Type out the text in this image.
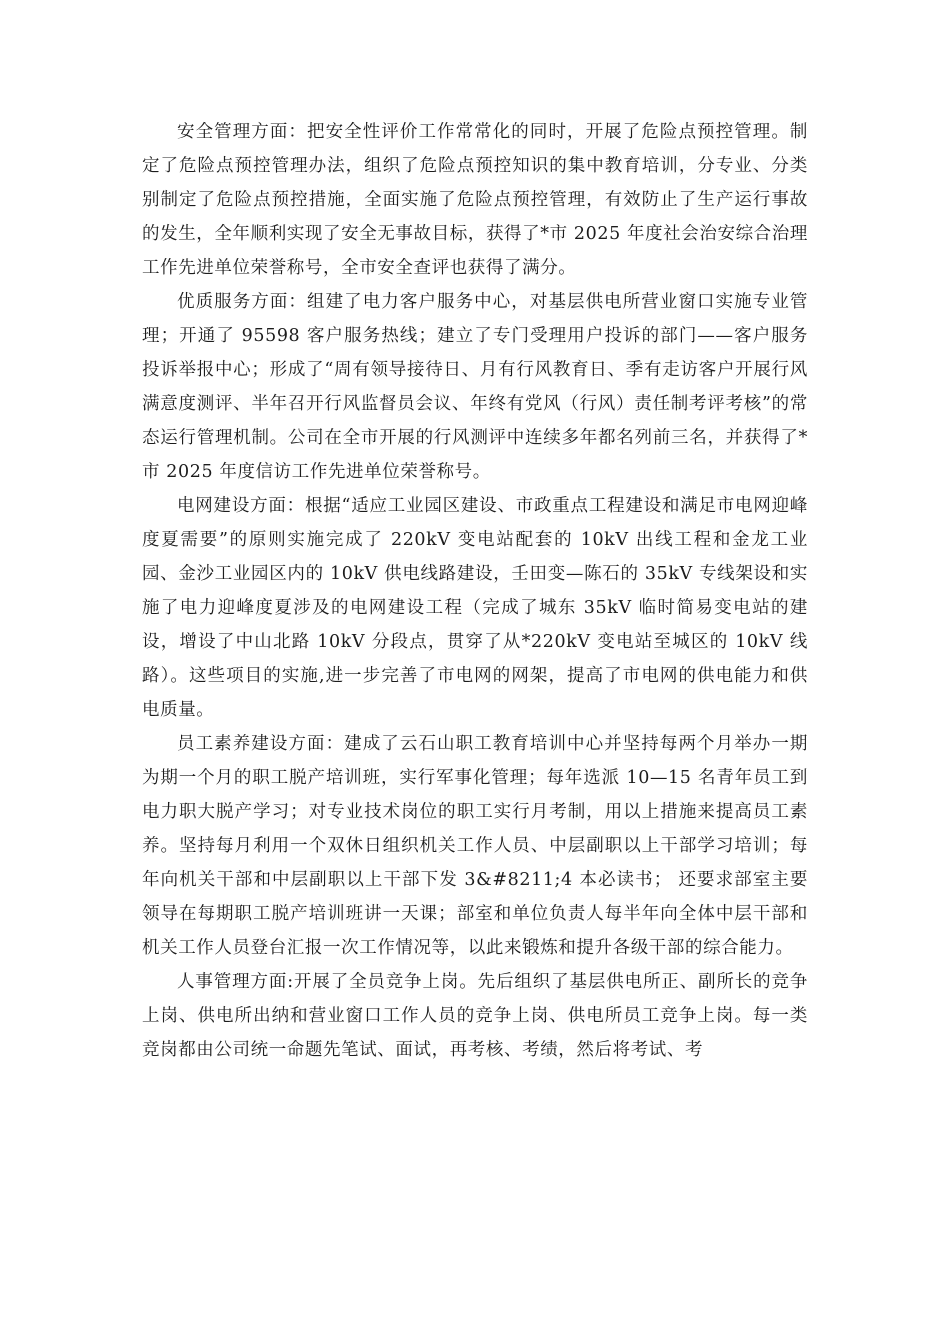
安全管理方面：把安全性评价工作常常化的同时，开展了危险点预控管理。制定了危险点预控管理办法，组织了危险点预控知识的集中教育培训，分专业、分类别制定了危险点预控措施，全面实施了危险点预控管理，有效防止了生产运行事故的发生，全年顺利实现了安全无事故目标，获得了*市 2025 年度社会治安综合治理工作先进单位荣誉称号，全市安全查评也获得了满分。

优质服务方面：组建了电力客户服务中心，对基层供电所营业窗口实施专业管理；开通了 95598 客户服务热线；建立了专门受理用户投诉的部门——客户服务投诉举报中心；形成了“周有领导接待日、月有行风教育日、季有走访客户开展行风满意度测评、半年召开行风监督员会议、年终有党风（行风）责任制考评考核”的常态运行管理机制。公司在全市开展的行风测评中连续多年都名列前三名，并获得了*市 2025 年度信访工作先进单位荣誉称号。

电网建设方面：根据“适应工业园区建设、市政重点工程建设和满足市电网迎峰度夏需要”的原则实施完成了 220kV 变电站配套的 10kV 出线工程和金龙工业园、金沙工业园区内的 10kV 供电线路建设，壬田变—陈石的 35kV 专线架设和实施了电力迎峰度夏涉及的电网建设工程（完成了城东 35kV 临时简易变电站的建设，增设了中山北路 10kV 分段点，贯穿了从*220kV 变电站至城区的 10kV 线路）。这些项目的实施,进一步完善了市电网的网架，提高了市电网的供电能力和供电质量。

员工素养建设方面：建成了云石山职工教育培训中心并坚持每两个月举办一期为期一个月的职工脱产培训班，实行军事化管理；每年选派 10—15 名青年员工到电力职大脱产学习；对专业技术岗位的职工实行月考制，用以上措施来提高员工素养。坚持每月利用一个双休日组织机关工作人员、中层副职以上干部学习培训；每年向机关干部和中层副职以上干部下发 3&#8211;4 本必读书； 还要求部室主要领导在每期职工脱产培训班讲一天课；部室和单位负责人每半年向全体中层干部和机关工作人员登台汇报一次工作情况等，以此来锻炼和提升各级干部的综合能力。

人事管理方面:开展了全员竞争上岗。先后组织了基层供电所正、副所长的竞争上岗、供电所出纳和营业窗口工作人员的竞争上岗、供电所员工竞争上岗。每一类竞岗都由公司统一命题先笔试、面试，再考核、考绩，然后将考试、考
